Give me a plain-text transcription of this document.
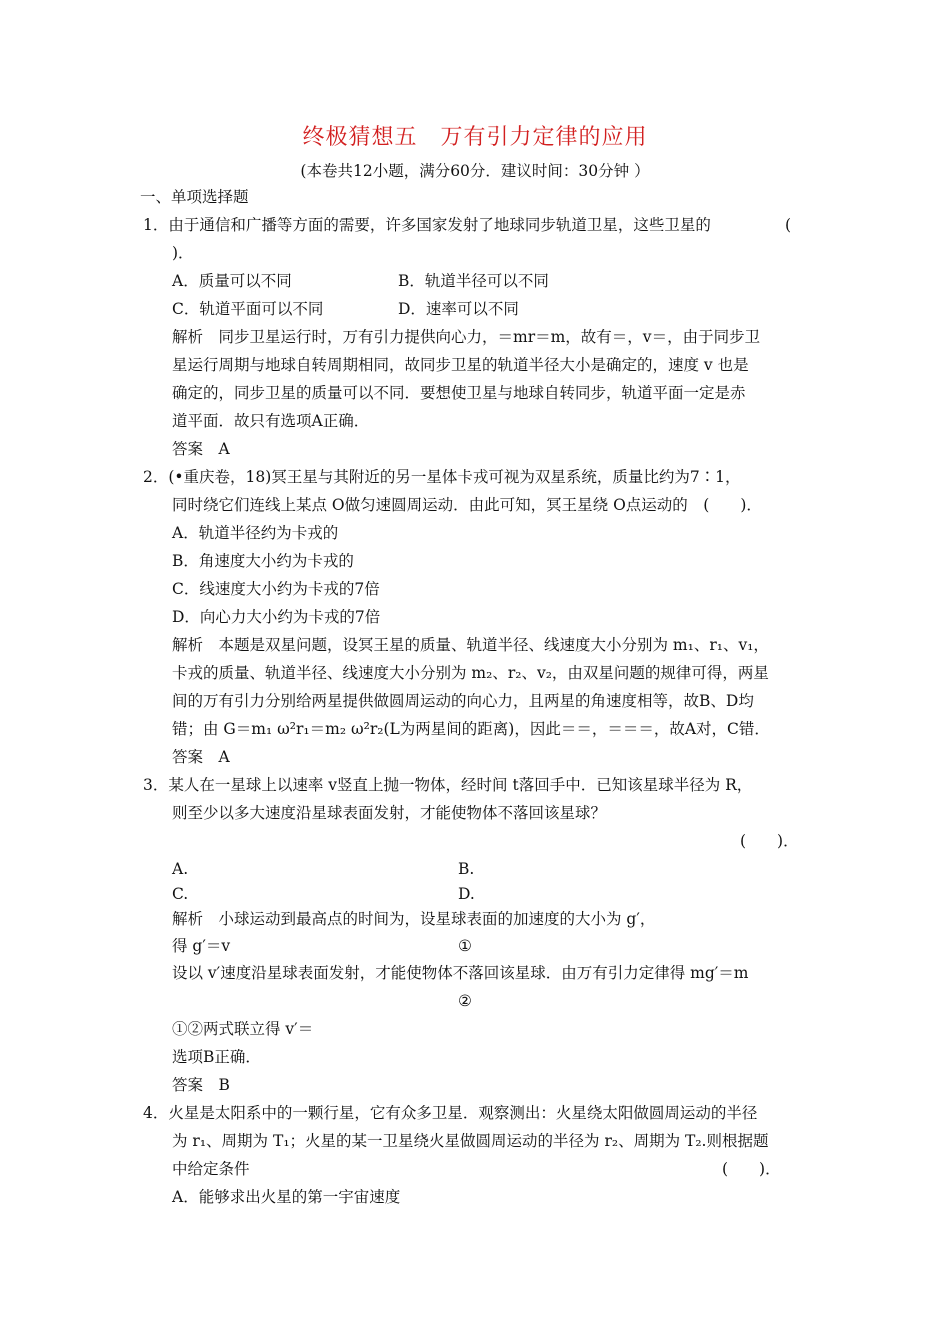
终极猜想五　万有引力定律的应用
(本卷共12小题，满分60分．建议时间：30分钟 ）
一、单项选择题
1．由于通信和广播等方面的需要，许多国家发射了地球同步轨道卫星，这些卫星的	(
)．
A．质量可以不同	B．轨道半径可以不同
C．轨道平面可以不同	D．速率可以不同
解析　同步卫星运行时，万有引力提供向心力，＝mr＝m，故有＝，v＝，由于同步卫
星运行周期与地球自转周期相同，故同步卫星的轨道半径大小是确定的，速度 v 也是
确定的，同步卫星的质量可以不同．要想使卫星与地球自转同步，轨道平面一定是赤
道平面．故只有选项A正确．
答案　A
2．(•重庆卷，18)冥王星与其附近的另一星体卡戎可视为双星系统，质量比约为7∶1，
同时绕它们连线上某点 O做匀速圆周运动．由此可知，冥王星绕 O点运动的　(　　)．
A．轨道半径约为卡戎的
B．角速度大小约为卡戎的
C．线速度大小约为卡戎的7倍
D．向心力大小约为卡戎的7倍
解析　本题是双星问题，设冥王星的质量、轨道半径、线速度大小分别为 m₁、r₁、v₁，
卡戎的质量、轨道半径、线速度大小分别为 m₂、r₂、v₂，由双星问题的规律可得，两星
间的万有引力分别给两星提供做圆周运动的向心力，且两星的角速度相等，故B、D均
错；由 G＝m₁ ω²r₁＝m₂ ω²r₂(L为两星间的距离)，因此＝＝，＝＝＝，故A对，C错．
答案　A
3．某人在一星球上以速率 v竖直上抛一物体，经时间 t落回手中．已知该星球半径为 R，
则至少以多大速度沿星球表面发射，才能使物体不落回该星球？
(　　)．
A.	B.
C.	D.
解析　小球运动到最高点的时间为，设星球表面的加速度的大小为 g′，
得 g′＝v	①
设以 v′速度沿星球表面发射，才能使物体不落回该星球．由万有引力定律得 mg′＝m
②
①②两式联立得 v′＝
选项B正确．
答案　B
4．火星是太阳系中的一颗行星，它有众多卫星．观察测出：火星绕太阳做圆周运动的半径
为 r₁、周期为 T₁；火星的某一卫星绕火星做圆周运动的半径为 r₂、周期为 T₂.则根据题
中给定条件	(　　)．
A．能够求出火星的第一宇宙速度
